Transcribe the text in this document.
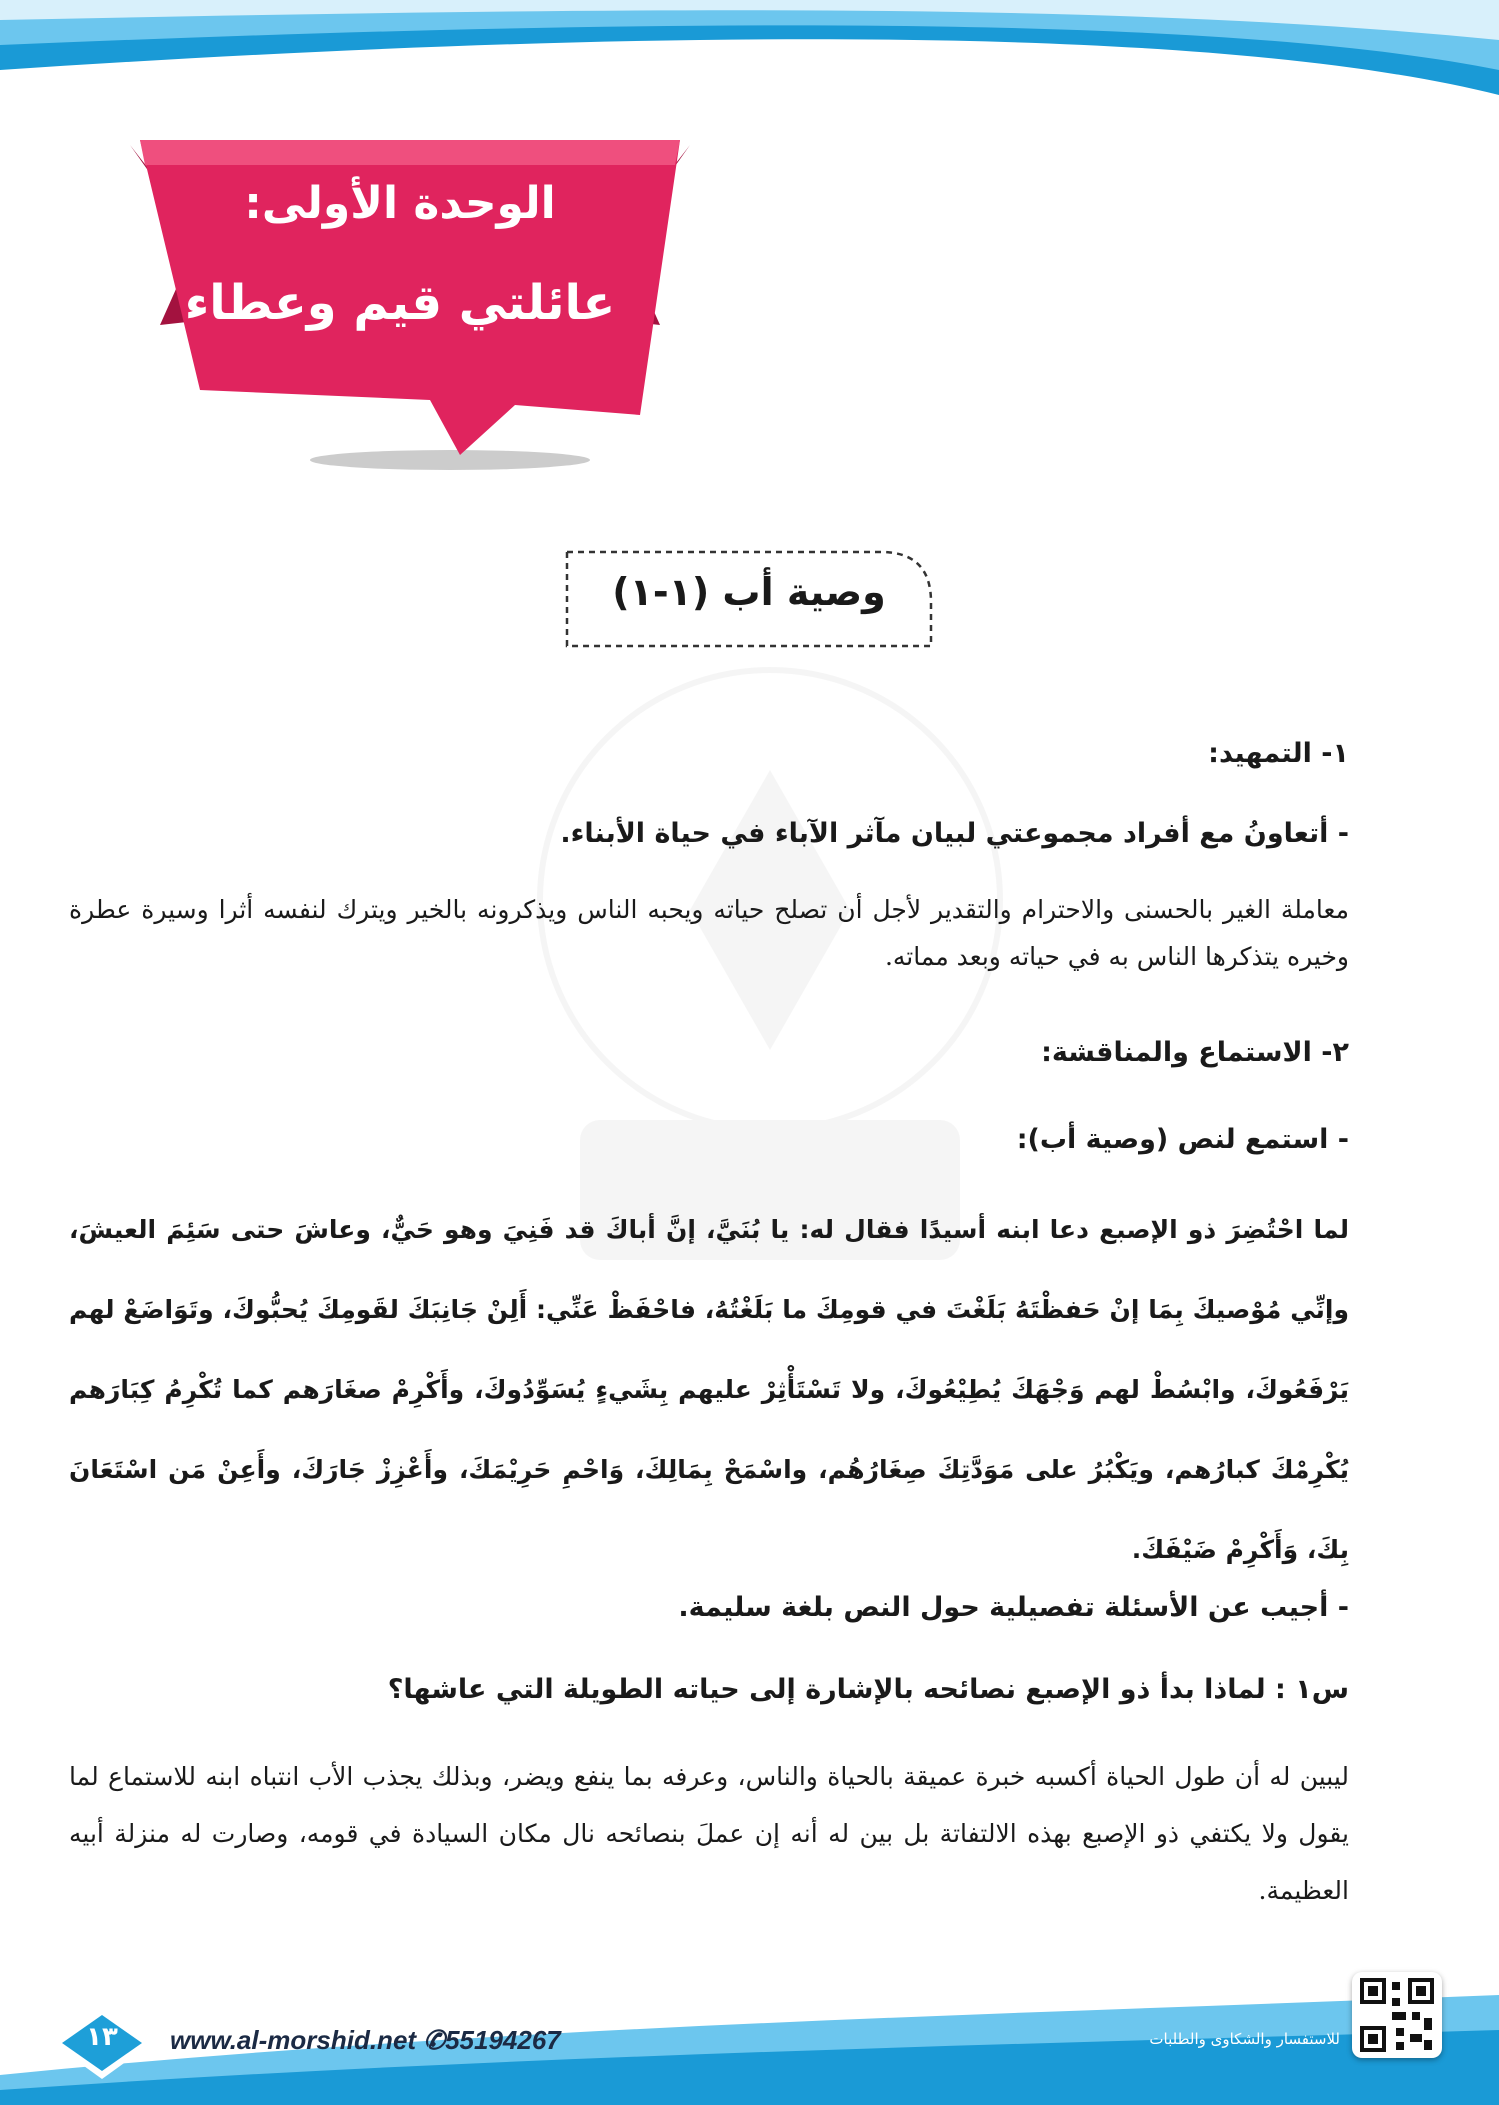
الوحدة الأولى:
عائلتي قيم وعطاء
وصية أب (١-١)
١- التمهيد:
- أتعاونُ مع أفراد مجموعتي لبيان مآثر الآباء في حياة الأبناء.
معاملة الغير بالحسنى والاحترام والتقدير لأجل أن تصلح حياته ويحبه الناس ويذكرونه بالخير ويترك لنفسه أثرا وسيرة عطرة وخيره يتذكرها الناس به في حياته وبعد مماته.
٢- الاستماع والمناقشة:
- استمع لنص (وصية أب):
لما احْتُضِرَ ذو الإصبع دعا ابنه أسيدًا فقال له: يا بُنَيَّ، إنَّ أباكَ قد فَنِيَ وهو حَيٌّ، وعاشَ حتى سَئِمَ العيشَ، وإنِّي مُوْصيكَ بِمَا إنْ حَفظْتَهُ بَلَغْتَ في قومِكَ ما بَلَغْتُهُ، فاحْفَظْ عَنِّي: أَلِنْ جَانِبَكَ لقَومِكَ يُحبُّوكَ، وتَوَاضَعْ لهم يَرْفَعُوكَ، وابْسُطْ لهم وَجْهَكَ يُطِيْعُوكَ، ولا تَسْتَأْثِرْ عليهم بِشَيءٍ يُسَوِّدُوكَ، وأَكْرِمْ صغَارَهم كما تُكْرِمُ كِبَارَهم يُكْرِمْكَ كبارُهم، ويَكْبُرُ على مَوَدَّتِكَ صِغَارُهُم، واسْمَحْ بِمَالِكَ، وَاحْمِ حَرِيْمَكَ، وأَعْزِزْ جَارَكَ، وأَعِنْ مَن اسْتَعَانَ بِكَ، وَأَكْرِمْ ضَيْفَكَ.
- أجيب عن الأسئلة تفصيلية حول النص بلغة سليمة.
س١ : لماذا بدأ ذو الإصبع نصائحه بالإشارة إلى حياته الطويلة التي عاشها؟
ليبين له أن طول الحياة أكسبه خبرة عميقة بالحياة والناس، وعرفه بما ينفع ويضر، وبذلك يجذب الأب انتباه ابنه للاستماع لما يقول ولا يكتفي ذو الإصبع بهذه الالتفاتة بل بين له أنه إن عملَ بنصائحه نال مكان السيادة في قومه، وصارت له منزلة أبيه العظيمة.
١٣	www.al-morshid.net ✆55194267	للاستفسار والشكاوى والطلبات
